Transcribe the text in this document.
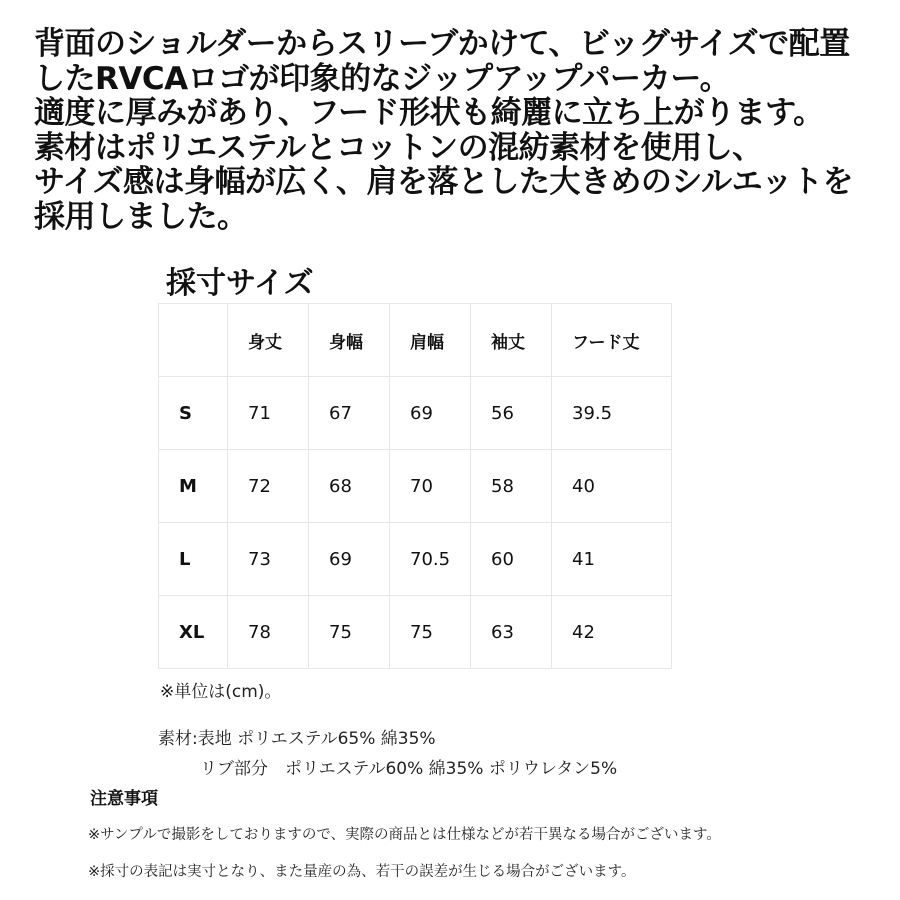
背面のショルダーからスリーブかけて、ビッグサイズで配置
したRVCAロゴが印象的なジップアップパーカー。
適度に厚みがあり、フード形状も綺麗に立ち上がります。
素材はポリエステルとコットンの混紡素材を使用し、
サイズ感は身幅が広く、肩を落とした大きめのシルエットを
採用しました。
採寸サイズ
	身丈	身幅	肩幅	袖丈	フード丈
S	71	67	69	56	39.5
M	72	68	70	58	40
L	73	69	70.5	60	41
XL	78	75	75	63	42
※単位は(cm)。
素材:表地 ポリエステル65% 綿35%
リブ部分　ポリエステル60% 綿35% ポリウレタン5%
注意事項
※サンプルで撮影をしておりますので、実際の商品とは仕様などが若干異なる場合がございます。
※採寸の表記は実寸となり、また量産の為、若干の誤差が生じる場合がございます。
